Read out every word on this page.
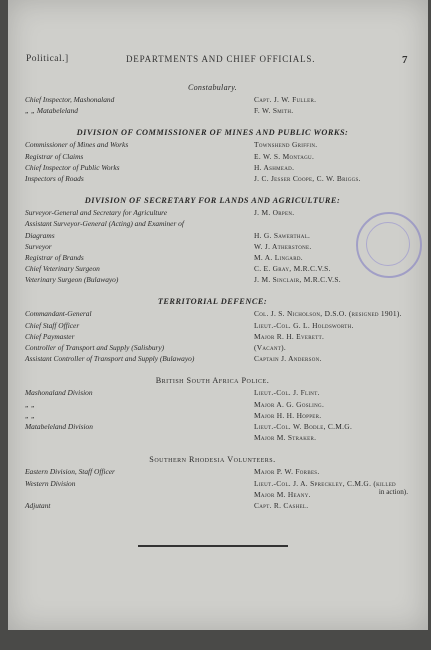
Political.]	DEPARTMENTS AND CHIEF OFFICIALS.	7
Constabulary.
Chief Inspector, Mashonaland	Capt. J. W. Fuller.
„ „ Matabeleland	F. W. Smith.
DIVISION OF COMMISSIONER OF MINES AND PUBLIC WORKS:
Commissioner of Mines and Works	Townshend Griffin.
Registrar of Claims	E. W. S. Montagu.
Chief Inspector of Public Works	H. Ashmead.
Inspectors of Roads	J. C. Jesser Coope, C. W. Briggs.
DIVISION OF SECRETARY FOR LANDS AND AGRICULTURE:
Surveyor-General and Secretary for Agriculture	J. M. Orpen.
Assistant Surveyor-General (Acting) and Examiner of
Diagrams	H. G. Sawerthal.
Surveyor	W. J. Atherstone.
Registrar of Brands	M. A. Lingard.
Chief Veterinary Surgeon	C. E. Gray, M.R.C.V.S.
Veterinary Surgeon (Bulawayo)	J. M. Sinclair, M.R.C.V.S.
TERRITORIAL DEFENCE:
Commandant-General	Col. J. S. Nicholson, D.S.O. (resigned 1901).
Chief Staff Officer	Lieut.-Col. G. L. Holdsworth.
Chief Paymaster	Major R. H. Everett.
Controller of Transport and Supply (Salisbury)	(Vacant).
Assistant Controller of Transport and Supply (Bulawayo)	Captain J. Anderson.
British South Africa Police.
Mashonaland Division	Lieut.-Col. J. Flint.
„ „	Major A. G. Gosling.
„ „	Major H. H. Hopper.
Matabeleland Division	Lieut.-Col. W. Bodle, C.M.G.
Major M. Straker.
Southern Rhodesia Volunteers.
Eastern Division, Staff Officer	Major P. W. Forbes.
Western Division	Lieut.-Col. J. A. Spreckley, C.M.G. (killed
in action).
Major M. Heany.
Adjutant	Capt. R. Cashel.
